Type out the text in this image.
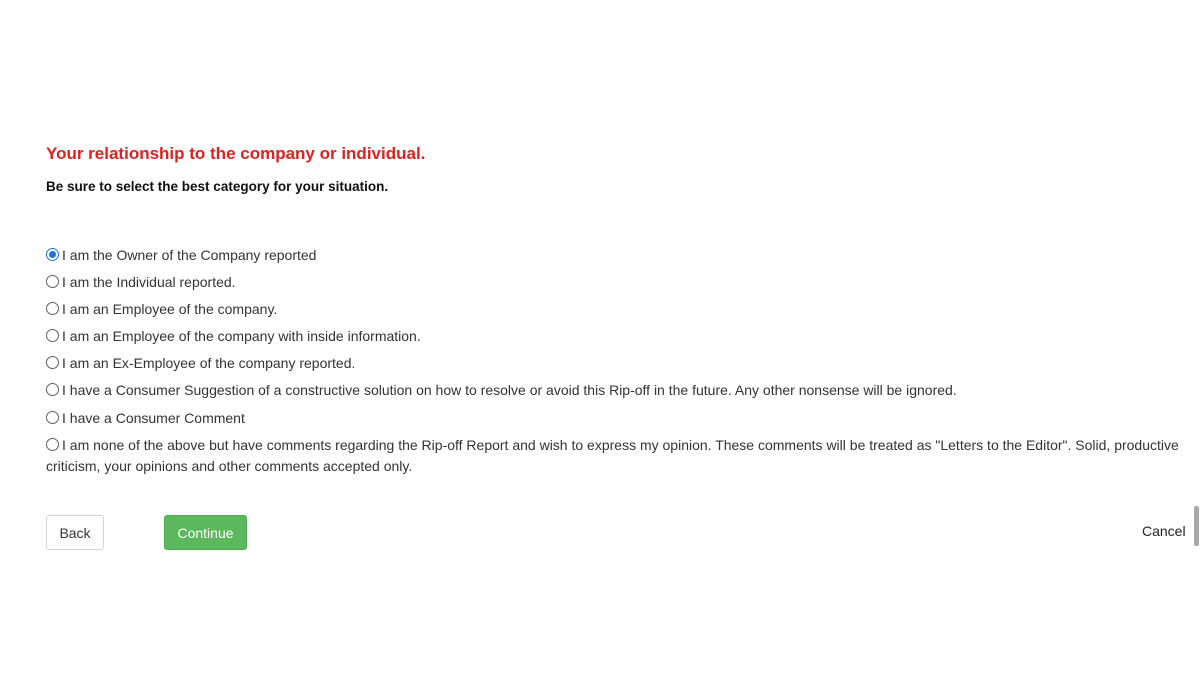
Your relationship to the company or individual.

Be sure to select the best category for your situation.

I am the Owner of the Company reported
I am the Individual reported.
I am an Employee of the company.
I am an Employee of the company with inside information.
I am an Ex-Employee of the company reported.
I have a Consumer Suggestion of a constructive solution on how to resolve or avoid this Rip-off in the future. Any other nonsense will be ignored.
I have a Consumer Comment
I am none of the above but have comments regarding the Rip-off Report and wish to express my opinion. These comments will be treated as "Letters to the Editor". Solid, productive criticism, your opinions and other comments accepted only.
Back	Continue	Cancel
